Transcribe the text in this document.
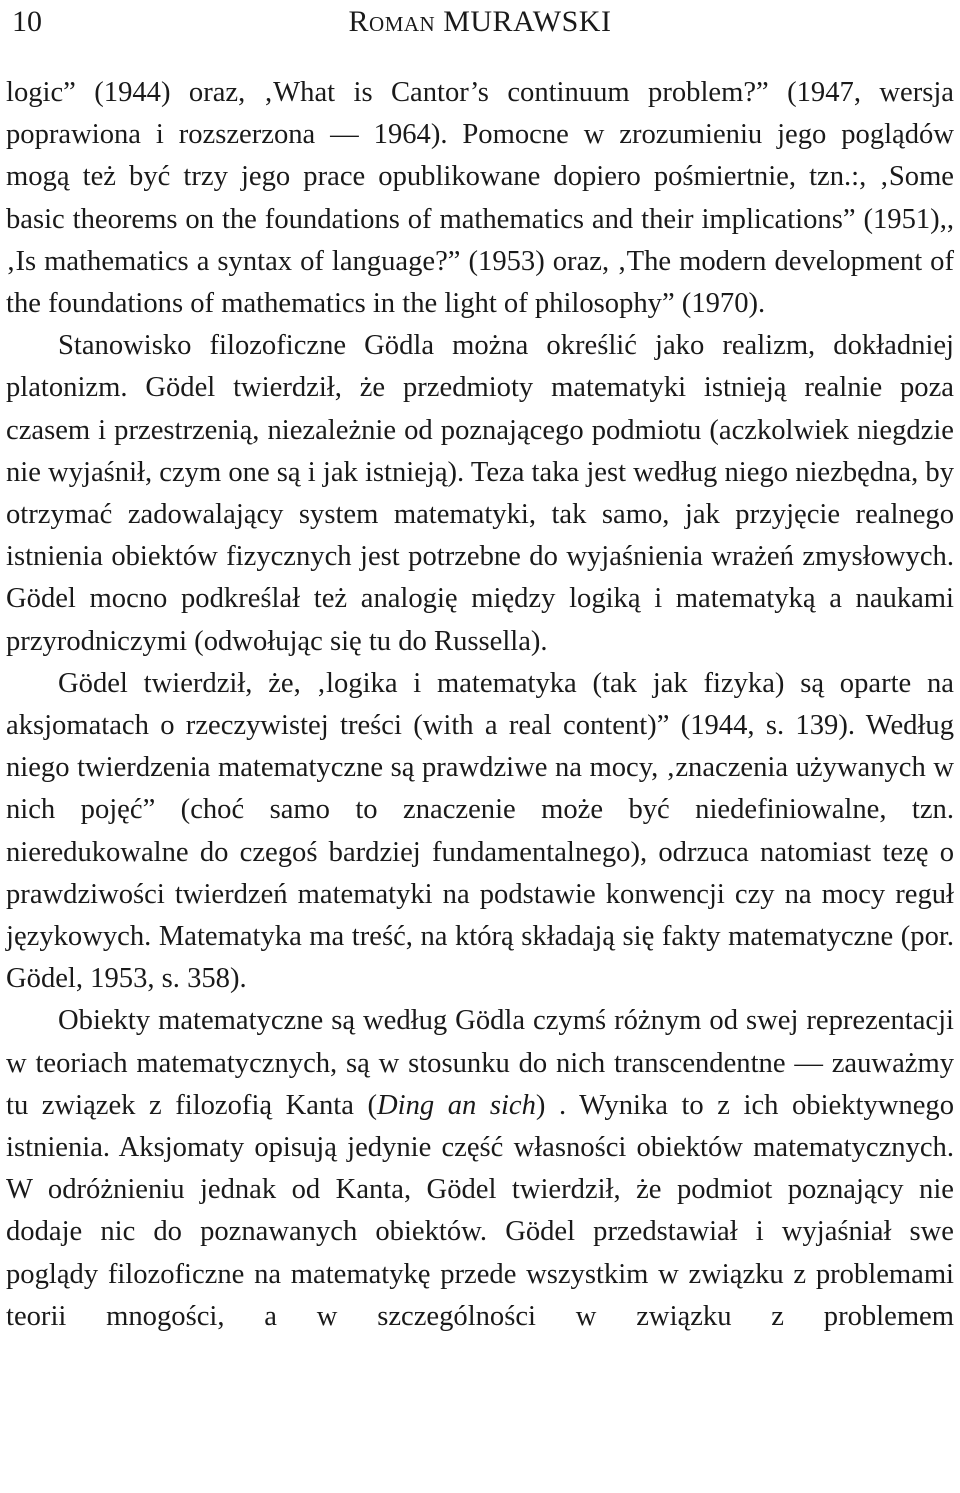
10	Roman MURAWSKI

logic” (1944) oraz, ‚What is Cantor’s continuum problem?” (1947, wersja poprawiona i rozszerzona — 1964). Pomocne w zrozumieniu jego poglądów mogą też być trzy jego prace opublikowane dopiero pośmiertnie, tzn.:, ‚Some basic theorems on the foundations of mathematics and their implications” (1951),, ‚Is mathematics a syntax of language?” (1953) oraz, ‚The modern development of the foundations of mathematics in the light of philosophy” (1970).

Stanowisko filozoficzne Gödla można określić jako realizm, dokładniej platonizm. Gödel twierdził, że przedmioty matematyki istnieją realnie poza czasem i przestrzenią, niezależnie od poznającego podmiotu (aczkolwiek niegdzie nie wyjaśnił, czym one są i jak istnieją). Teza taka jest według niego niezbędna, by otrzymać zadowalający system matematyki, tak samo, jak przyjęcie realnego istnienia obiektów fizycznych jest potrzebne do wyjaśnienia wrażeń zmysłowych. Gödel mocno podkreślał też analogię między logiką i matematyką a naukami przyrodniczymi (odwołując się tu do Russella).

Gödel twierdził, że, ‚logika i matematyka (tak jak fizyka) są oparte na aksjomatach o rzeczywistej treści (with a real content)” (1944, s. 139). Według niego twierdzenia matematyczne są prawdziwe na mocy, ‚znaczenia używanych w nich pojęć” (choć samo to znaczenie może być niedefiniowalne, tzn. nieredukowalne do czegoś bardziej fundamentalnego), odrzuca natomiast tezę o prawdziwości twierdzeń matematyki na podstawie konwencji czy na mocy reguł językowych. Matematyka ma treść, na którą składają się fakty matematyczne (por. Gödel, 1953, s. 358).

Obiekty matematyczne są według Gödla czymś różnym od swej reprezentacji w teoriach matematycznych, są w stosunku do nich transcendentne — zauważmy tu związek z filozofią Kanta (Ding an sich) . Wynika to z ich obiektywnego istnienia. Aksjomaty opisują jedynie część własności obiektów matematycznych. W odróżnieniu jednak od Kanta, Gödel twierdził, że podmiot poznający nie dodaje nic do poznawanych obiektów. Gödel przedstawiał i wyjaśniał swe poglądy filozoficzne na matematykę przede wszystkim w związku z problemami teorii mnogości, a w szczególności w związku z problemem
